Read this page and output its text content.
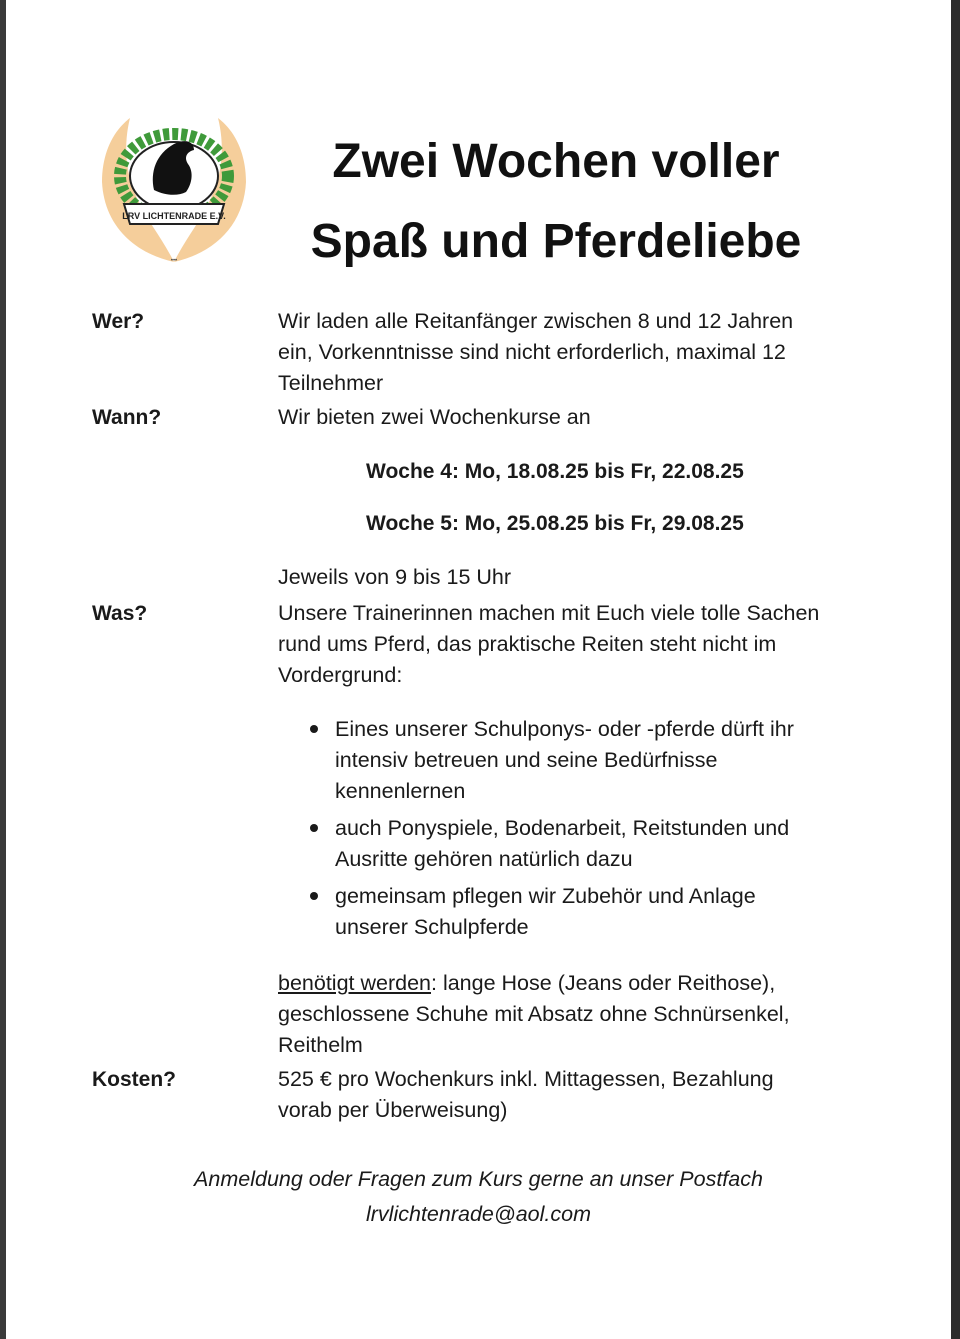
LRV LICHTENRADE E.V.
•••
Zwei Wochen voller
Spaß und Pferdeliebe
Wer?	Wir laden alle Reitanfänger zwischen 8 und 12 Jahren
ein, Vorkenntnisse sind nicht erforderlich, maximal 12
Teilnehmer
Wann?	Wir bieten zwei Wochenkurse an
Woche 4: Mo, 18.08.25 bis Fr, 22.08.25
Woche 5: Mo, 25.08.25 bis Fr, 29.08.25
Jeweils von 9 bis 15 Uhr
Was?	Unsere Trainerinnen machen mit Euch viele tolle Sachen
rund ums Pferd, das praktische Reiten steht nicht im
Vordergrund:
Eines unserer Schulponys- oder -pferde dürft ihr
intensiv betreuen und seine Bedürfnisse
kennenlernen
auch Ponyspiele, Bodenarbeit, Reitstunden und
Ausritte gehören natürlich dazu
gemeinsam pflegen wir Zubehör und Anlage
unserer Schulpferde
benötigt werden: lange Hose (Jeans oder Reithose),
geschlossene Schuhe mit Absatz ohne Schnürsenkel,
Reithelm
Kosten?	525 € pro Wochenkurs inkl. Mittagessen, Bezahlung
vorab per Überweisung)
Anmeldung oder Fragen zum Kurs gerne an unser Postfach
lrvlichtenrade@aol.com
